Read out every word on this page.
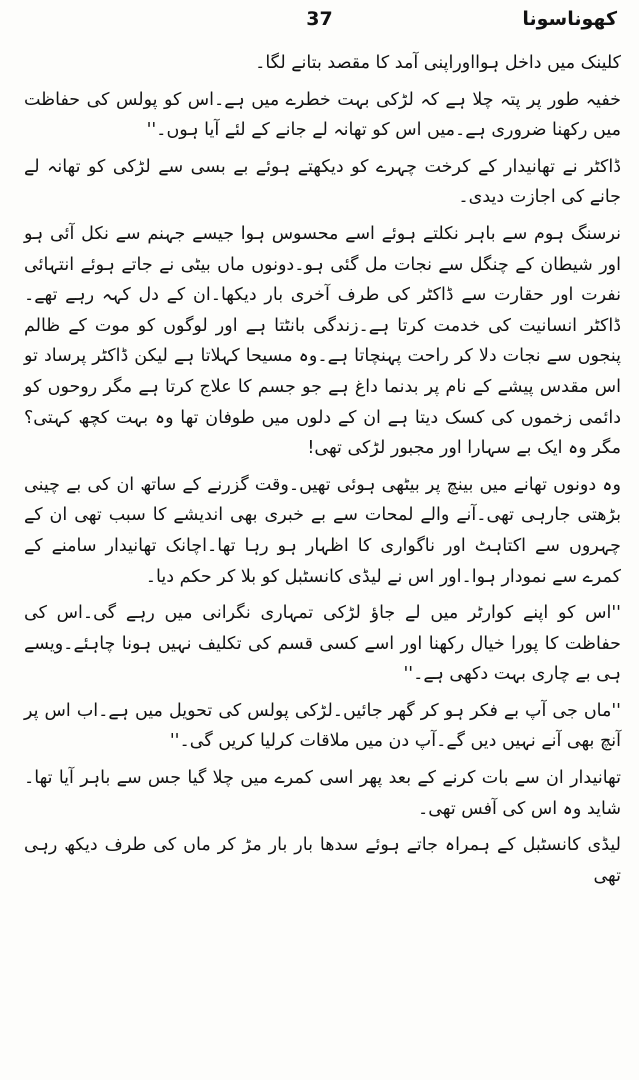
کھوناسونا
37

کلینک میں داخل ہوااوراپنی آمد کا مقصد بتانے لگا۔

خفیہ طور پر پتہ چلا ہے کہ لڑکی بہت خطرے میں ہے۔اس کو پولس کی حفاظت میں رکھنا ضروری ہے۔میں اس کو تھانہ لے جانے کے لئے آیا ہوں۔''

ڈاکٹر نے تھانیدار کے کرخت چہرے کو دیکھتے ہوئے بے بسی سے لڑکی کو تھانہ لے جانے کی اجازت دیدی۔

نرسنگ ہوم سے باہر نکلتے ہوئے اسے محسوس ہوا جیسے جہنم سے نکل آئی ہو اور شیطان کے چنگل سے نجات مل گئی ہو۔دونوں ماں بیٹی نے جاتے ہوئے انتہائی نفرت اور حقارت سے ڈاکٹر کی طرف آخری بار دیکھا۔ان کے دل کہہ رہے تھے۔ڈاکٹر انسانیت کی خدمت کرتا ہے۔زندگی بانٹتا ہے اور لوگوں کو موت کے ظالم پنجوں سے نجات دلا کر راحت پہنچاتا ہے۔وہ مسیحا کہلاتا ہے لیکن ڈاکٹر پرساد تو اس مقدس پیشے کے نام پر بدنما داغ ہے جو جسم کا علاج کرتا ہے مگر روحوں کو دائمی زخموں کی کسک دیتا ہے ان کے دلوں میں طوفان تھا وہ بہت کچھ کہتی؟ مگر وہ ایک بے سہارا اور مجبور لڑکی تھی!

وہ دونوں تھانے میں بینچ پر بیٹھی ہوئی تھیں۔وقت گزرنے کے ساتھ ان کی بے چینی بڑھتی جارہی تھی۔آنے والے لمحات سے بے خبری بھی اندیشے کا سبب تھی ان کے چہروں سے اکتاہٹ اور ناگواری کا اظہار ہو رہا تھا۔اچانک تھانیدار سامنے کے کمرے سے نمودار ہوا۔اور اس نے لیڈی کانسٹبل کو بلا کر حکم دیا۔

''اس کو اپنے کوارٹر میں لے جاؤ لڑکی تمہاری نگرانی میں رہے گی۔اس کی حفاظت کا پورا خیال رکھنا اور اسے کسی قسم کی تکلیف نہیں ہونا چاہئے۔ویسے ہی بے چاری بہت دکھی ہے۔''

''ماں جی آپ بے فکر ہو کر گھر جائیں۔لڑکی پولس کی تحویل میں ہے۔اب اس پر آنچ بھی آنے نہیں دیں گے۔آپ دن میں ملاقات کرلیا کریں گی۔''

تھانیدار ان سے بات کرنے کے بعد پھر اسی کمرے میں چلا گیا جس سے باہر آیا تھا۔شاید وہ اس کی آفس تھی۔

لیڈی کانسٹبل کے ہمراہ جاتے ہوئے سدھا بار بار مڑ کر ماں کی طرف دیکھ رہی تھی
